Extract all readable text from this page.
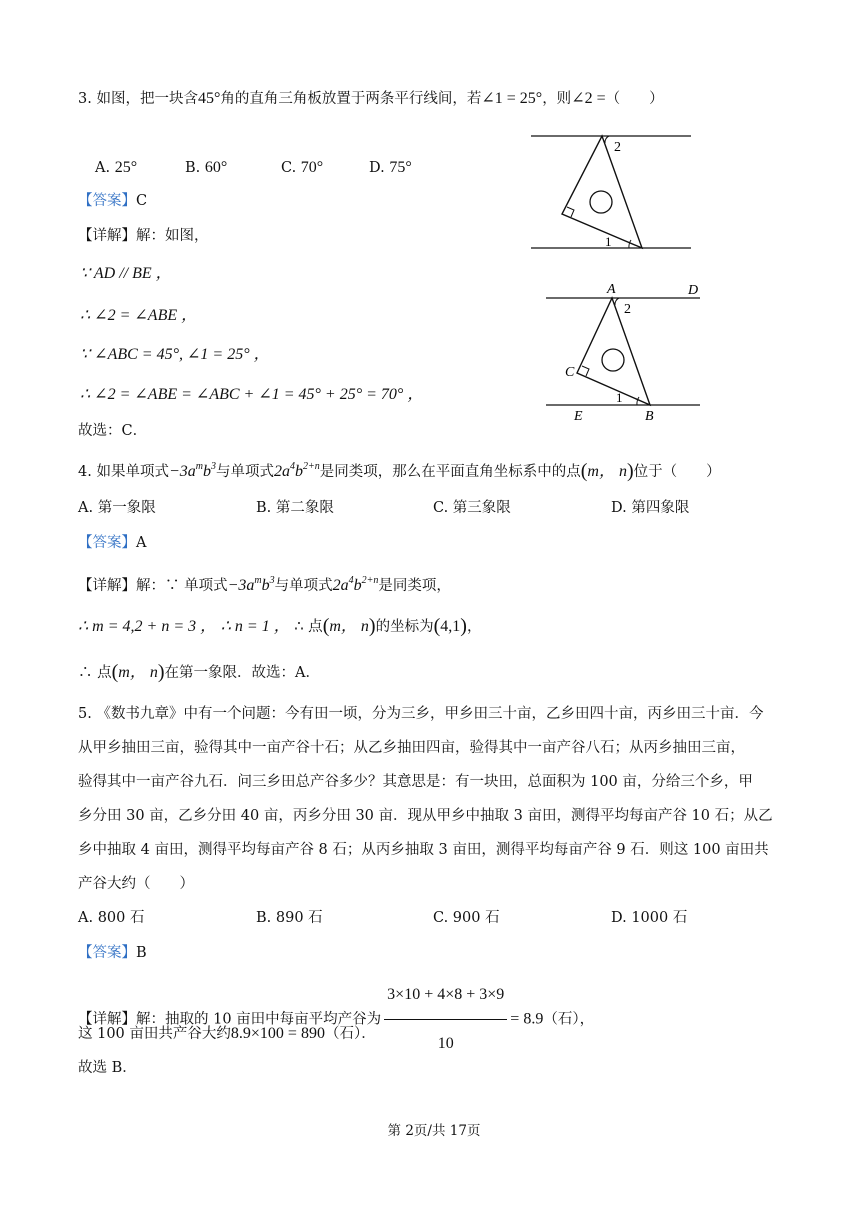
3. 如图，把一块含45°角的直角三角板放置于两条平行线间，若∠1 = 25°，则∠2 =（　　）
A. 25°	B. 60°	C. 70°	D. 75°
【答案】C
【详解】解：如图，
∵ AD // BE ，
∴ ∠2 = ∠ABE ，
∵ ∠ABC = 45°, ∠1 = 25° ，
∴ ∠2 = ∠ABE = ∠ABC + ∠1 = 45° + 25° = 70° ，
故选：C．
2
1
A	D
C
E	B
2
1
4. 如果单项式$-3a^mb^3$与单项式$2a^4b^{2+n}$是同类项，那么在平面直角坐标系中的点(m， n)位于（　　）
A. 第一象限	B. 第二象限	C. 第三象限	D. 第四象限
【答案】A
【详解】解：∵ 单项式$-3a^mb^3$与单项式$2a^4b^{2+n}$是同类项，
∴ m = 4,2 + n = 3 ， ∴ n = 1 ， ∴ 点(m， n)的坐标为(4,1)，
∴ 点(m， n)在第一象限．故选：A．
5. 《数书九章》中有一个问题：今有田一顷，分为三乡，甲乡田三十亩，乙乡田四十亩，丙乡田三十亩．今
从甲乡抽田三亩，验得其中一亩产谷十石；从乙乡抽田四亩，验得其中一亩产谷八石；从丙乡抽田三亩，
验得其中一亩产谷九石．问三乡田总产谷多少？其意思是：有一块田，总面积为 100 亩，分给三个乡，甲
乡分田 30 亩，乙乡分田 40 亩，丙乡分田 30 亩．现从甲乡中抽取 3 亩田，测得平均每亩产谷 10 石；从乙
乡中抽取 4 亩田，测得平均每亩产谷 8 石；从丙乡抽取 3 亩田，测得平均每亩产谷 9 石．则这 100 亩田共
产谷大约（　　）
A. 800 石	B. 890 石	C. 900 石	D. 1000 石
【答案】B
【详解】解：抽取的 10 亩田中每亩平均产谷为 $\frac{3\times 10 + 4\times 8 + 3\times 9}{10} = 8.9$（石），
这 100 亩田共产谷大约8.9×100 = 890（石）．
故选 B．
第 2页/共 17页
